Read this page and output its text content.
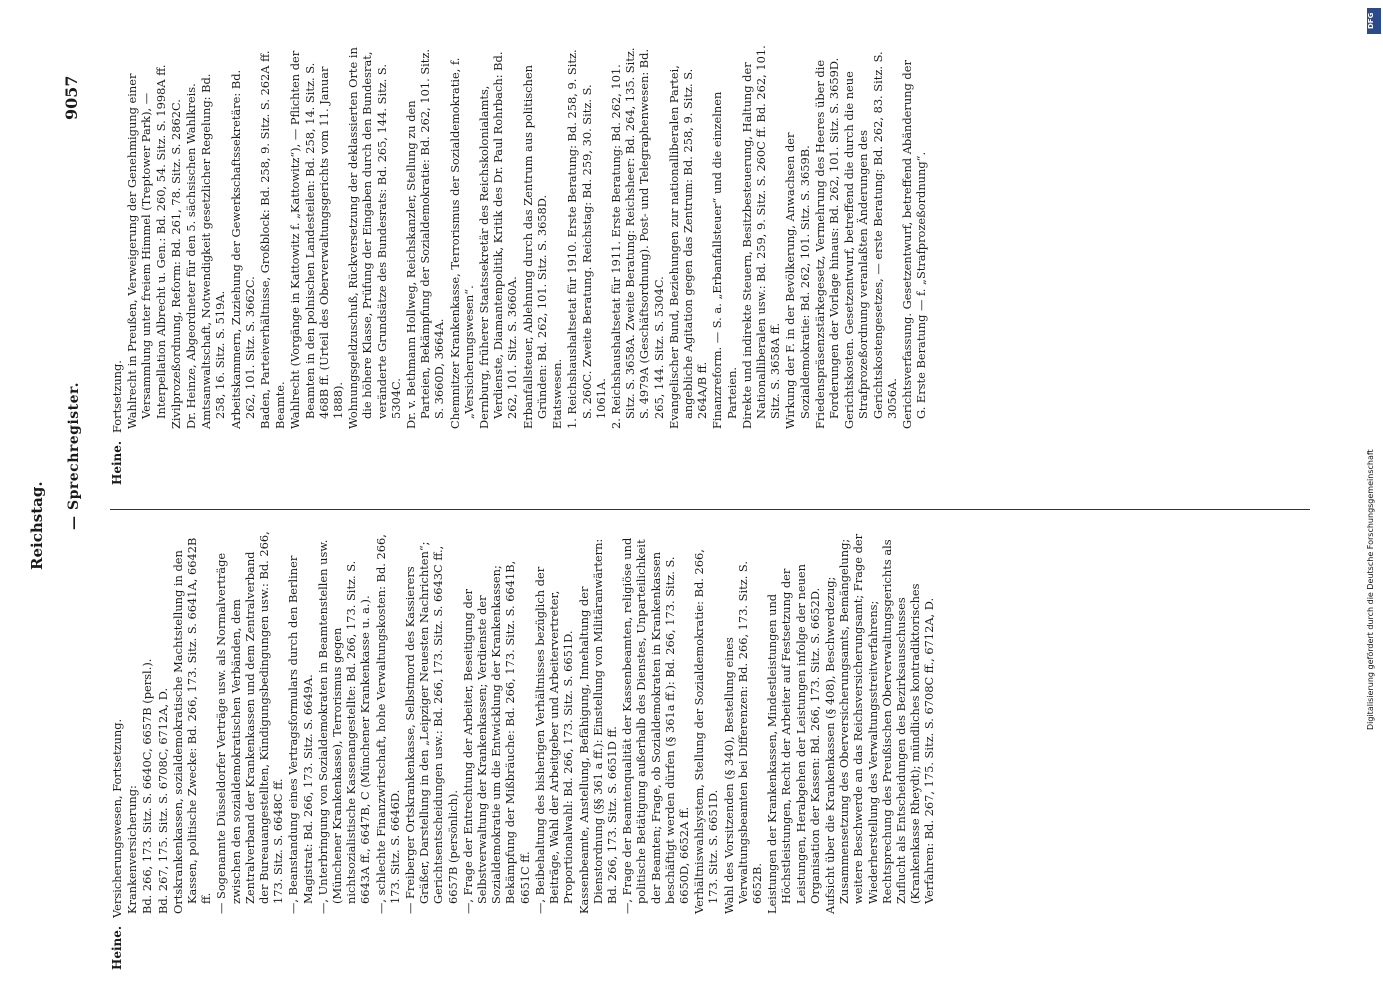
Reichstag. —
Sprechregister.
9057
Heine.
Versicherungswesen, Fortsetzung. Krankenversicherung: Bd. 266, 173. Sitz. S. 6640C, 6657B (persl.). Bd. 267, 175. Sitz. S. 6708C, 6712A, D. Ortskrankenkassen, sozialdemokratische Machtstellung in den Kassen, politische Zwecke: Bd. 266, 173. Sitz. S. 6641A, 6642B ff. — Sogenannte Düsseldorfer Verträge usw. als Normalverträge zwischen den sozialdemokratischen Verbänden, dem Zentralverband der Krankenkassen und dem Zentralverband der Bureauangestellten, Kündigungsbedingungen usw.: Bd. 266, 173. Sitz. S. 6648C ff. —, Beanstandung eines Vertragsformulars durch den Berliner Magistrat: Bd. 266, 173. Sitz. S. 6649A. —, Unterbringung von Sozialdemokraten in Beamtenstellen usw. (Münchener Krankenkasse), Terrorismus gegen nichtsozialistische Kassenangestellte: Bd. 266, 173. Sitz. S. 6643A ff., 6647B, C (Münchener Krankenkasse u. a.). —, schlechte Finanzwirtschaft, hohe Verwaltungskosten: Bd. 266, 173. Sitz. S. 6646D. — Freiberger Ortskrankenkasse, Selbstmord des Kassierers Gräßer, Darstellung in den „Leipziger Neuesten Nachrichten“; Gerichtsentscheidungen usw.: Bd. 266, 173. Sitz. S. 6643C ff., 6657B (persönlich). —, Frage der Entrechtung der Arbeiter, Beseitigung der Selbstverwaltung der Krankenkassen; Verdienste der Sozialdemokratie um die Entwicklung der Krankenkassen; Bekämpfung der Mißbräuche: Bd. 266, 173. Sitz. S. 6641B, 6651C ff. —, Beibehaltung des bisherigen Verhältnisses bezüglich der Beiträge, Wahl der Arbeitgeber und Arbeitervertreter, Proportionalwahl: Bd. 266, 173. Sitz. S. 6651D. Kassenbeamte, Anstellung, Befähigung, Innehaltung der Dienstordnung (§§ 361 a ff.): Einstellung von Militäranwärtern: Bd. 266, 173. Sitz. S. 6651D ff. —, Frage der Beamtenqualität der Kassenbeamten, religiöse und politische Betätigung außerhalb des Dienstes, Unparteilichkeit der Beamten; Frage, ob Sozialdemokraten in Krankenkassen beschäftigt werden dürfen (§ 361a ff.): Bd. 266, 173. Sitz. S. 6650D, 6652A ff. Verhältniswahlsystem, Stellung der Sozialdemokratie: Bd. 266, 173. Sitz. S. 6651D. Wahl des Vorsitzenden (§ 340), Bestellung eines Verwaltungsbeamten bei Differenzen: Bd. 266, 173. Sitz. S. 6652B. Leistungen der Krankenkassen, Mindestleistungen und Höchstleistungen, Recht der Arbeiter auf Festsetzung der Leistungen, Herabgehen der Leistungen infolge der neuen Organisation der Kassen: Bd. 266, 173. Sitz. S. 6652D. Aufsicht über die Krankenkassen (§ 408), Beschwerdezug; Zusammensetzung des Oberversicherungsamts, Bemängelung; weitere Beschwerde an das Reichsversicherungsamt; Frage der Wiederherstellung des Verwaltungsstreitverfahrens; Rechtsprechung des Preußischen Oberverwaltungsgerichts als Zuflucht als Entscheidungen des Bezirksausschusses (Krankenkasse Rheydt); mündliches kontradiktorisches Verfahren: Bd. 267, 175. Sitz. S. 6708C ff., 6712A, D.
Heine.
Fortsetzung. Wahlrecht in Preußen, Verweigerung der Genehmigung einer Versammlung unter freiem Himmel (Treptower Park), — Interpellation Albrecht u. Gen.: Bd. 260, 54. Sitz. S. 1998A ff. Zivilprozeßordnung, Reform: Bd. 261, 78. Sitz. S. 2862C. Dr. Heinze, Abgeordneter für den 5. sächsischen Wahlkreis. Amtsanwaltschaft, Notwendigkeit gesetzlicher Regelung: Bd. 258, 16. Sitz. S. 519A. Arbeitskammern, Zuziehung der Gewerkschaftssekretäre: Bd. 262, 101. Sitz. S. 3662C. Baden, Parteiverhältnisse, Großblock: Bd. 258, 9. Sitz. S. 262A ff. Beamte. Wahlrecht (Vorgänge in Kattowitz f. „Kattowitz“), — Pflichten der Beamten in den polnischen Landesteilen: Bd. 258, 14. Sitz. S. 468B ff. (Urteil des Oberverwaltungsgerichts vom 11. Januar 1888). Wohnungsgeldzuschuß, Rückversetzung der deklassierten Orte in die höhere Klasse, Prüfung der Eingaben durch den Bundesrat, veränderte Grundsätze des Bundesrats: Bd. 265, 144. Sitz. S. 5304C. Dr. v. Bethmann Hollweg, Reichskanzler, Stellung zu den Parteien, Bekämpfung der Sozialdemokratie: Bd. 262, 101. Sitz. S. 3660D, 3664A. Chemnitzer Krankenkasse, Terrorismus der Sozialdemokratie, f. „Versicherungswesen“. Dernburg, früherer Staatssekretär des Reichskolonialamts, Verdienste, Diamantenpolitik, Kritik des Dr. Paul Rohrbach: Bd. 262, 101. Sitz. S. 3660A. Erbanfallsteuer, Ablehnung durch das Zentrum aus politischen Gründen: Bd. 262, 101. Sitz. S. 3658D. Etatswesen. 1. Reichshaushaltsetat für 1910. Erste Beratung: Bd. 258, 9. Sitz. S. 260C. Zweite Beratung. Reichstag: Bd. 259, 30. Sitz. S. 1061A. 2. Reichshaushaltsetat für 1911. Erste Beratung: Bd. 262, 101. Sitz. S. 3658A. Zweite Beratung: Reichsheer: Bd. 264, 135. Sitz. S. 4979A (Geschäftsordnung). Post- und Telegraphenwesen: Bd. 265, 144. Sitz. S. 5304C. Evangelischer Bund, Beziehungen zur nationalliberalen Partei, angebliche Agitation gegen das Zentrum: Bd. 258, 9. Sitz. S. 264A/B ff. Finanzreform. — S. a. „Erbanfallsteuer“ und die einzelnen Parteien. Direkte und indirekte Steuern, Besitzbesteuerung, Haltung der Nationalliberalen usw.: Bd. 259, 9. Sitz. S. 260C ff. Bd. 262, 101. Sitz. S. 3658A ff. Wirkung der F. in der Bevölkerung, Anwachsen der Sozialdemokratie: Bd. 262, 101. Sitz. S. 3659B. Friedenspräsenzstärkegesetz, Vermehrung des Heeres über die Forderungen der Vorlage hinaus: Bd. 262, 101. Sitz. S. 3659D. Gerichtskosten. Gesetzentwurf, betreffend die durch die neue Strafprozeßordnung veranlaßten Änderungen des Gerichtskostengesetzes, — erste Beratung: Bd. 262, 83. Sitz. S. 3056A. Gerichtsverfassung. Gesetzentwurf, betreffend Abänderung der G. Erste Beratung — f. „Strafprozeßordnung“.
DFG
Digitalisierung gefördert durch die Deutsche Forschungsgemeinschaft
